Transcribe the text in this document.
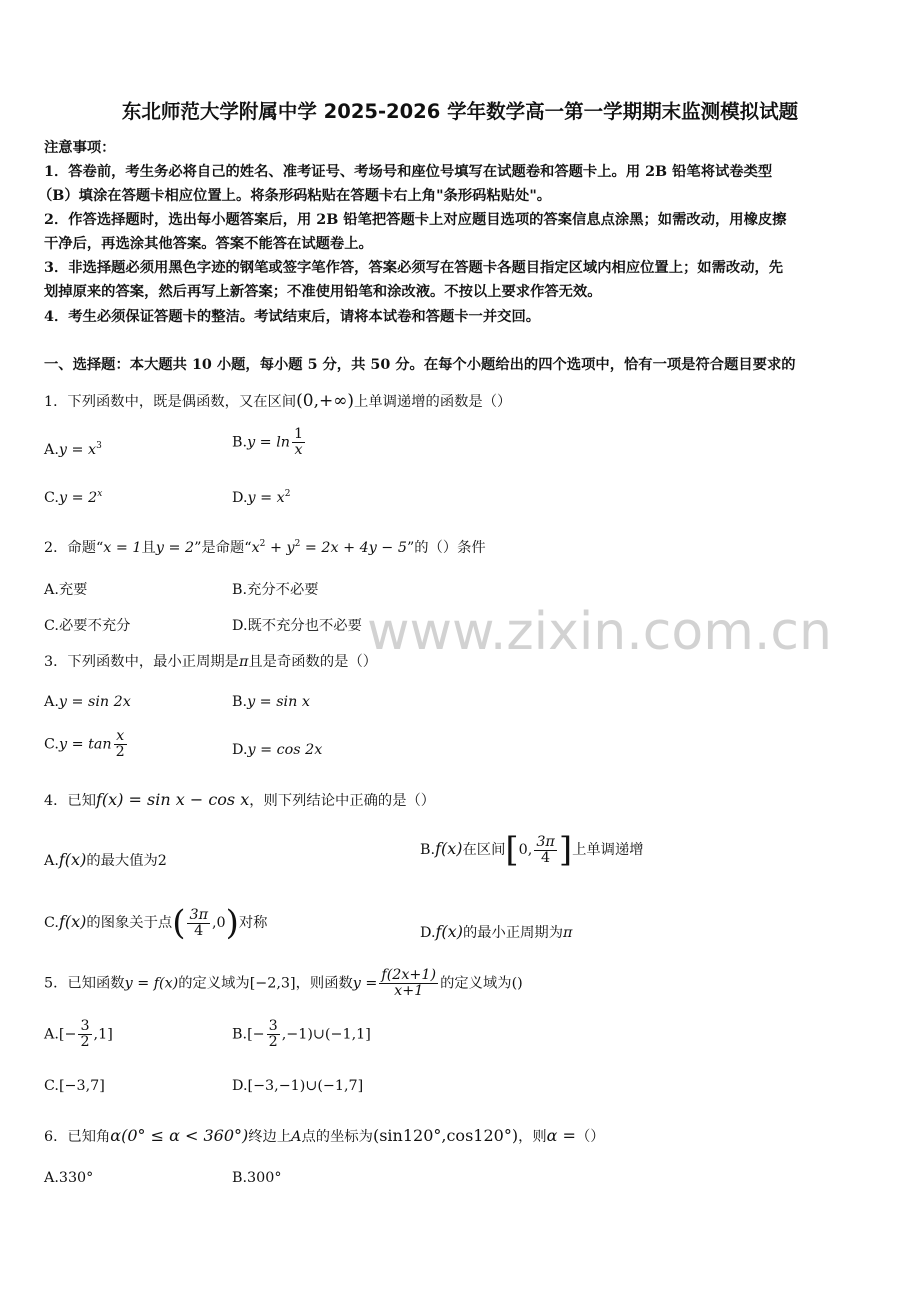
东北师范大学附属中学 2025-2026 学年数学高一第一学期期末监测模拟试题
注意事项：
1．答卷前，考生务必将自己的姓名、准考证号、考场号和座位号填写在试题卷和答题卡上。用 2B 铅笔将试卷类型
（B）填涂在答题卡相应位置上。将条形码粘贴在答题卡右上角"条形码粘贴处"。
2．作答选择题时，选出每小题答案后，用 2B 铅笔把答题卡上对应题目选项的答案信息点涂黑；如需改动，用橡皮擦
干净后，再选涂其他答案。答案不能答在试题卷上。
3．非选择题必须用黑色字迹的钢笔或签字笔作答，答案必须写在答题卡各题目指定区域内相应位置上；如需改动，先
划掉原来的答案，然后再写上新答案；不准使用铅笔和涂改液。不按以上要求作答无效。
4．考生必须保证答题卡的整洁。考试结束后，请将本试卷和答题卡一并交回。
一、选择题：本大题共 10 小题，每小题 5 分，共 50 分。在每个小题给出的四个选项中，恰有一项是符合题目要求的
1．下列函数中，既是偶函数，又在区间(0,+∞)上单调递增的函数是（）
$A.y = x^3$	$B.y = \ln \frac{1}{x}$
$C.y = 2^x$	$D.y = x^2$
2．命题“x = 1且y = 2”是命题“$x^2 + y^2 = 2x + 4y - 5$”的（）条件
A.充要	B.充分不必要
C.必要不充分	D.既不充分也不必要 www.zixin.com.cn
3．下列函数中，最小正周期是π且是奇函数的是（）
A.y = sin 2x	B.y = sin x
$C.y = \tan \frac{x}{2}$	D.y = cos 2x
4．已知f(x) = sin x − cos x，则下列结论中正确的是（）
A.f(x)的最大值为2
B.f(x)在区间[0, $\frac{3\pi}{4}$ ]上单调递增
C.f(x)的图象关于点( $\frac{3\pi}{4} ,0$)对称
D.f(x)的最小正周期为π
5．已知函数y = f(x)的定义域为[−2,3]，则函数$y = \frac{f(2x+1)}{x+1}$ 的定义域为()
$A.[- \frac{3}{2} ,1]$	$B.[- \frac{3}{2}$ ,−1)∪(−1,1]
C.[−3,7]	D.[−3,−1)∪(−1,7]
6．已知角α(0° ≤ α < 360°)终边上A点的坐标为(sin120°,cos120°)，则α =（）
A.330°	B.300°
